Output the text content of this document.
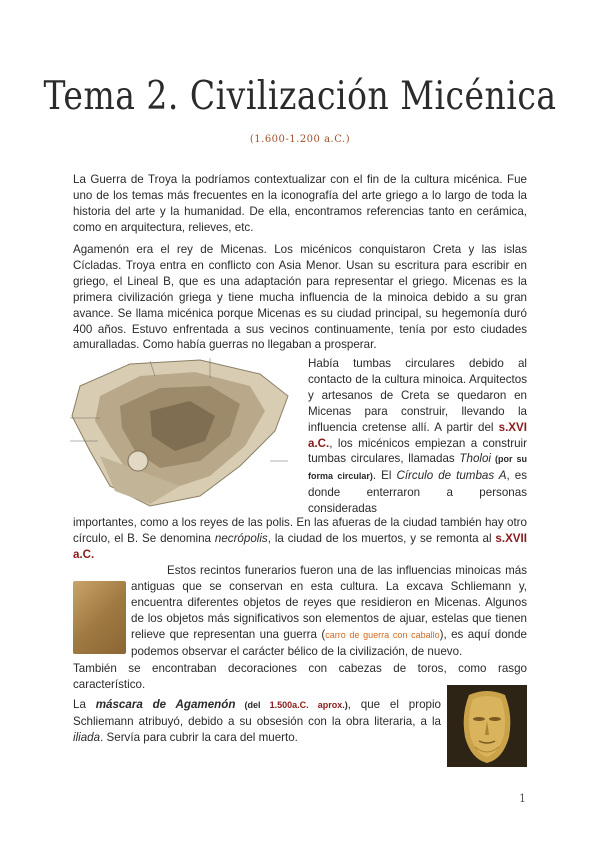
Tema 2. Civilización Micénica
(1.600-1.200 a.C.)

La Guerra de Troya la podríamos contextualizar con el fin de la cultura micénica. Fue uno de los temas más frecuentes en la iconografía del arte griego a lo largo de toda la historia del arte y la humanidad. De ella, encontramos referencias tanto en cerámica, como en arquitectura, relieves, etc.

Agamenón era el rey de Micenas. Los micénicos conquistaron Creta y las islas Cícladas. Troya entra en conflicto con Asia Menor. Usan su escritura para escribir en griego, el Lineal B, que es una adaptación para representar el griego. Micenas es la primera civilización griega y tiene mucha influencia de la minoica debido a su gran avance. Se llama micénica porque Micenas es su ciudad principal, su hegemonía duró 400 años. Estuvo enfrentada a sus vecinos continuamente, tenía por esto ciudades amuralladas. Como había guerras no llegaban a prosperar.

Había tumbas circulares debido al contacto de la cultura minoica. Arquitectos y artesanos de Creta se quedaron en Micenas para construir, llevando la influencia cretense allí. A partir del s.XVI a.C., los micénicos empiezan a construir tumbas circulares, llamadas Tholoi (por su forma circular). El Círculo de tumbas A, es donde enterraron a personas consideradas

importantes, como a los reyes de las polis. En las afueras de la ciudad también hay otro círculo, el B. Se denomina necrópolis, la ciudad de los muertos, y se remonta al s.XVII a.C.

Estos recintos funerarios fueron una de las influencias minoicas más antiguas que se conservan en esta cultura. La excava Schliemann y, encuentra diferentes objetos de reyes que residieron en Micenas. Algunos de los objetos más significativos son elementos de ajuar, estelas que tienen relieve que representan una guerra (carro de guerra con caballo), es aquí donde podemos observar el carácter bélico de la civilización, de nuevo.

También se encontraban decoraciones con cabezas de toros, como rasgo característico.

La máscara de Agamenón (del 1.500a.C. aprox.), que el propio Schliemann atribuyó, debido a su obsesión con la obra literaria, a la iliada. Servía para cubrir la cara del muerto.

1
